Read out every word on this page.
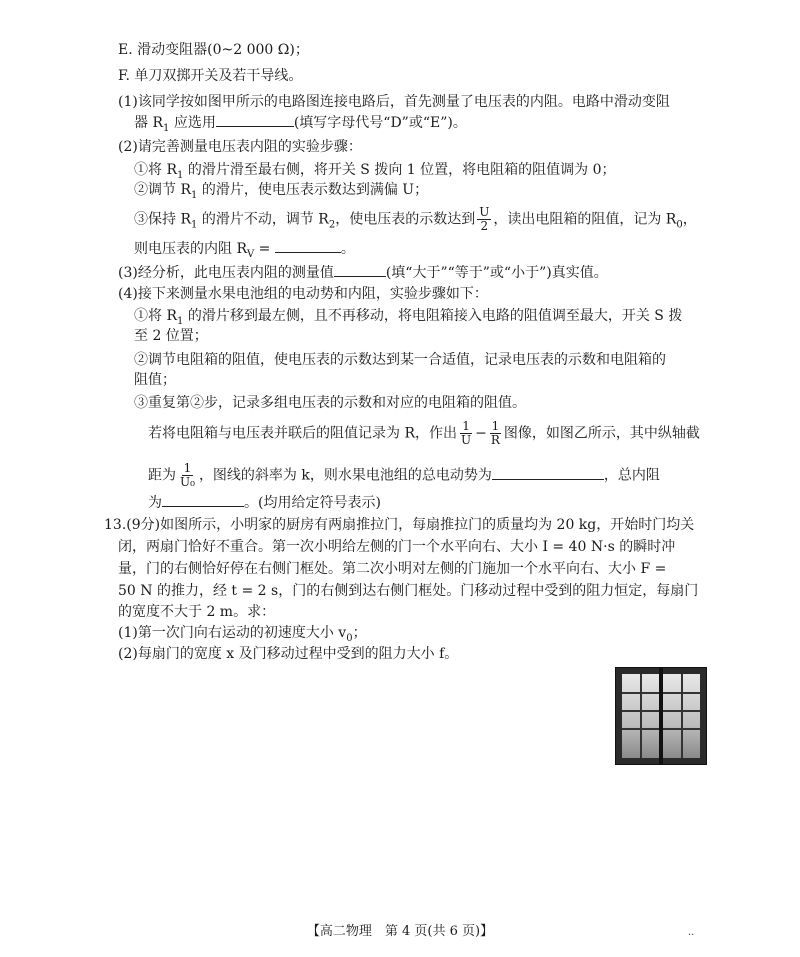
E. 滑动变阻器(0~2 000 Ω)；
F. 单刀双掷开关及若干导线。
(1)该同学按如图甲所示的电路图连接电路后，首先测量了电压表的内阻。电路中滑动变阻
器 $R_1$ 应选用	(填写字母代号“D”或“E”)。
(2)请完善测量电压表内阻的实验步骤：
①将 $R_1$ 的滑片滑至最右侧，将开关 S 拨向 1 位置，将电阻箱的阻值调为 0；
②调节 $R_1$ 的滑片，使电压表示数达到满偏 U；
③保持 $R_1$ 的滑片不动，调节 $R_2$，使电压表的示数达到 $\frac{U}{2}$ ，读出电阻箱的阻值，记为 $R_0$，
则电压表的内阻 $R_V$ =	。
(3)经分析，此电压表内阻的测量值	(填“大于”“等于”或“小于”)真实值。
(4)接下来测量水果电池组的电动势和内阻，实验步骤如下：
①将 $R_1$ 的滑片移到最左侧，且不再移动，将电阻箱接入电路的阻值调至最大，开关 S 拨
至 2 位置；
②调节电阻箱的阻值，使电压表的示数达到某一合适值，记录电压表的示数和电阻箱的
阻值；
③重复第②步，记录多组电压表的示数和对应的电阻箱的阻值。
若将电阻箱与电压表并联后的阻值记录为 R，作出 $\frac{1}{U} - \frac{1}{R}$ 图像，如图乙所示，其中纵轴截
距为 $\frac{1}{\text{U₀}}$ ，图线的斜率为 k，则水果电池组的总电动势为	，总内阻
为	。(均用给定符号表示)
13.(9分)如图所示，小明家的厨房有两扇推拉门，每扇推拉门的质量均为 20 kg，开始时门均关
闭，两扇门恰好不重合。第一次小明给左侧的门一个水平向右、大小 I = 40 N·s 的瞬时冲
量，门的右侧恰好停在右侧门框处。第二次小明对左侧的门施加一个水平向右、大小 F =
50 N 的推力，经 t = 2 s，门的右侧到达右侧门框处。门移动过程中受到的阻力恒定，每扇门
的宽度不大于 2 m。求：
(1)第一次门向右运动的初速度大小 $v_0$；
(2)每扇门的宽度 x 及门移动过程中受到的阻力大小 f。
【高二物理　第 4 页(共 6 页)】	··
